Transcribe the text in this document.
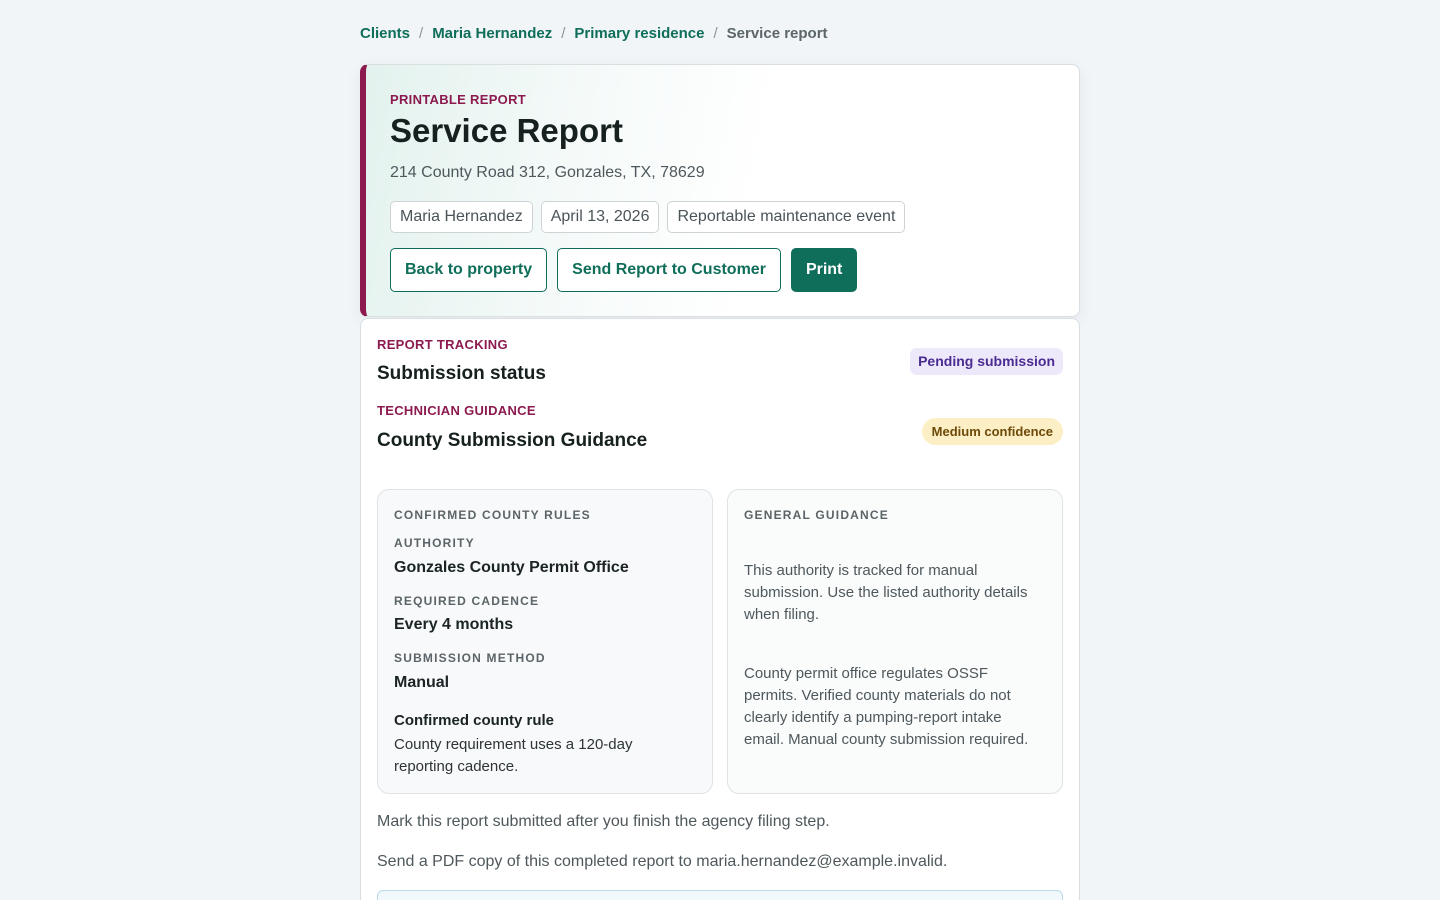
Clients / Maria Hernandez / Primary residence / Service report
PRINTABLE REPORT
Service Report
214 County Road 312, Gonzales, TX, 78629
Maria Hernandez	April 13, 2026	Reportable maintenance event
Back to property	Send Report to Customer	Print
REPORT TRACKING
Submission status
Pending submission
TECHNICIAN GUIDANCE
County Submission Guidance	Medium confidence
CONFIRMED COUNTY RULES
AUTHORITY
Gonzales County Permit Office
REQUIRED CADENCE
Every 4 months
SUBMISSION METHOD
Manual
Confirmed county rule
County requirement uses a 120-day reporting cadence.
GENERAL GUIDANCE

This authority is tracked for manual submission. Use the listed authority details when filing.

County permit office regulates OSSF permits. Verified county materials do not clearly identify a pumping-report intake email. Manual county submission required.

Mark this report submitted after you finish the agency filing step.

Send a PDF copy of this completed report to maria.hernandez@example.invalid.
